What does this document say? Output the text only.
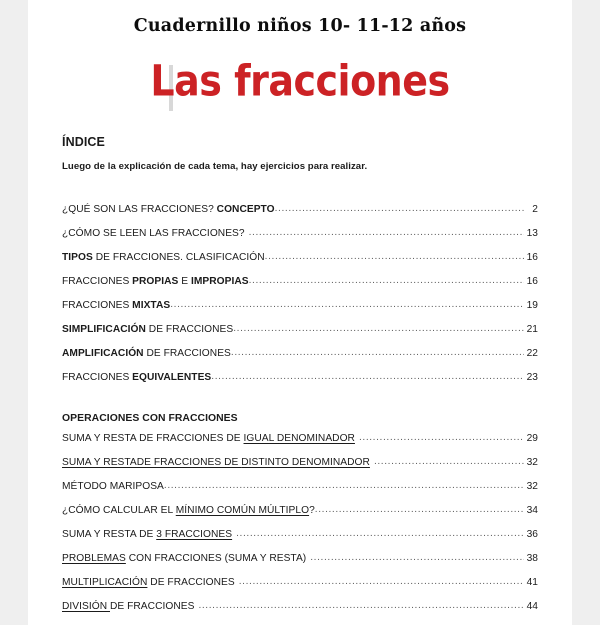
Cuadernillo niños 10- 11-12 años
Las fracciones
ÍNDICE
Luego de la explicación de cada tema, hay ejercicios para realizar.
¿QUÉ SON LAS FRACCIONES? CONCEPTO .....	2
¿CÓMO SE LEEN LAS FRACCIONES? .....	13
TIPOS DE FRACCIONES. CLASIFICACIÓN .....	16
FRACCIONES PROPIAS E IMPROPIAS .....	16
FRACCIONES MIXTAS .....	19
SIMPLIFICACIÓN DE FRACCIONES .....	21
AMPLIFICACIÓN DE FRACCIONES .....	22
FRACCIONES EQUIVALENTES .....	23
OPERACIONES CON FRACCIONES
SUMA Y RESTA DE FRACCIONES DE IGUAL DENOMINADOR .....	29
SUMA Y RESTADE FRACCIONES DE DISTINTO DENOMINADOR .....	32
MÉTODO MARIPOSA .....	32
¿CÓMO CALCULAR EL MÍNIMO COMÚN MÚLTIPLO? .....	34
SUMA Y RESTA DE 3 FRACCIONES .....	36
PROBLEMAS CON FRACCIONES (SUMA Y RESTA) .....	38
MULTIPLICACIÓN DE FRACCIONES .....	41
DIVISIÓN DE FRACCIONES .....	44
